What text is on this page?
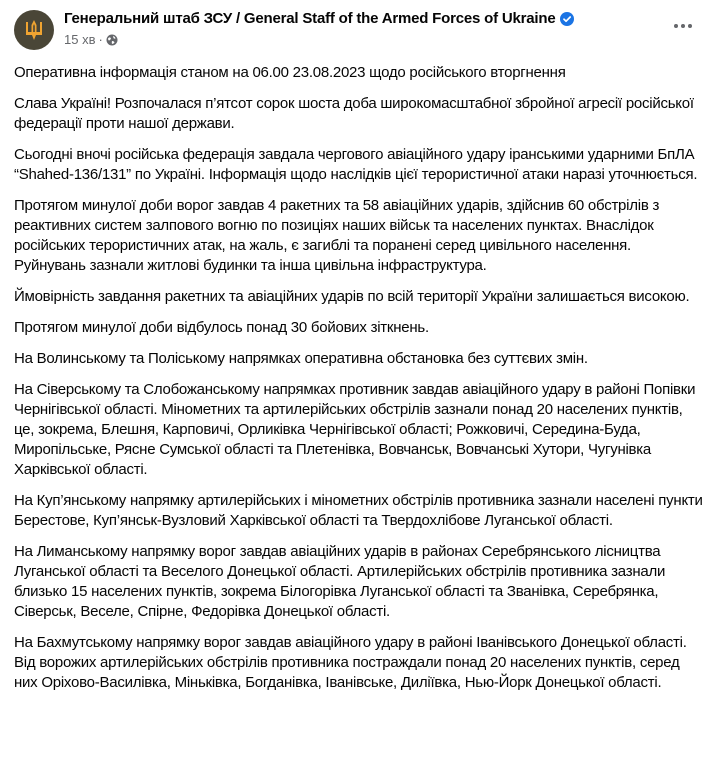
Генеральний штаб ЗСУ / General Staff of the Armed Forces of Ukraine
15 хв ·

Оперативна інформація станом на 06.00 23.08.2023 щодо російського вторгнення

Слава Україні! Розпочалася п’ятсот сорок шоста доба широкомасштабної збройної агресії російської федерації проти нашої держави.

Сьогодні вночі російська федерація завдала чергового авіаційного удару іранськими ударними БпЛА “Shahed-136/131” по Україні. Інформація щодо наслідків цієї терористичної атаки наразі уточнюється.

Протягом минулої доби ворог завдав 4 ракетних та 58 авіаційних ударів, здійснив 60 обстрілів з реактивних систем залпового вогню по позиціях наших військ та населених пунктах. Внаслідок російських терористичних атак, на жаль, є загиблі та поранені серед цивільного населення. Руйнувань зазнали житлові будинки та інша цивільна інфраструктура.

Ймовірність завдання ракетних та авіаційних ударів по всій території України залишається високою.

Протягом минулої доби відбулось понад 30 бойових зіткнень.

На Волинському та Поліському напрямках оперативна обстановка без суттєвих змін.

На Сіверському та Слобожанському напрямках противник завдав авіаційного удару в районі Попівки Чернігівської області. Мінометних та артилерійських обстрілів зазнали понад 20 населених пунктів, це, зокрема, Блешня, Карповичі, Орликівка Чернігівської області; Рожковичі, Середина-Буда, Миропільське, Рясне Сумської області та Плетенівка, Вовчанськ, Вовчанські Хутори, Чугунівка Харківської області.

На Куп’янському напрямку артилерійських і мінометних обстрілів противника зазнали населені пункти Берестове, Куп’янськ-Вузловий Харківської області та Твердохлібове Луганської області.

На Лиманському напрямку ворог завдав авіаційних ударів в районах Серебрянського лісництва Луганської області та Веселого Донецької області. Артилерійських обстрілів противника зазнали близько 15 населених пунктів, зокрема Білогорівка Луганської області та Званівка, Серебрянка, Сіверськ, Веселе, Спірне, Федорівка Донецької області.

На Бахмутському напрямку ворог завдав авіаційного удару в районі Іванівського Донецької області. Від ворожих артилерійських обстрілів противника постраждали понад 20 населених пунктів, серед них Оріхово-Василівка, Міньківка, Богданівка, Іванівське, Диліївка, Нью-Йорк Донецької області.
